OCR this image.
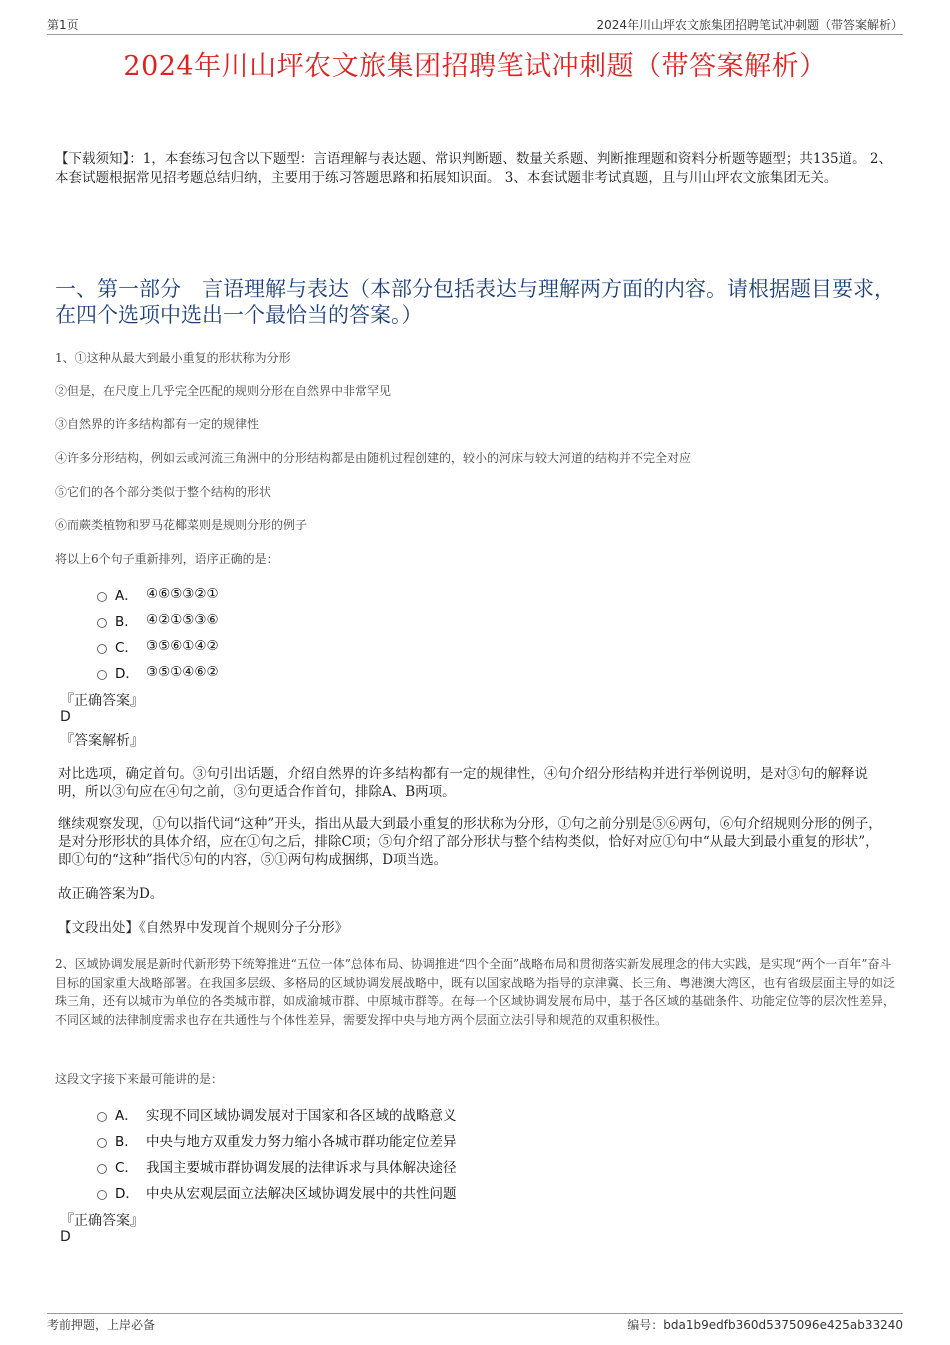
第1页	2024年川山坪农文旅集团招聘笔试冲刺题（带答案解析）
2024年川山坪农文旅集团招聘笔试冲刺题（带答案解析）
【下载须知】：1，本套练习包含以下题型：言语理解与表达题、常识判断题、数量关系题、判断推理题和资料分析题等题型；共135道。 2、本套试题根据常见招考题总结归纳，主要用于练习答题思路和拓展知识面。 3、本套试题非考试真题，且与川山坪农文旅集团无关。
一、第一部分　言语理解与表达（本部分包括表达与理解两方面的内容。请根据题目要求，在四个选项中选出一个最恰当的答案。）
1、①这种从最大到最小重复的形状称为分形
②但是，在尺度上几乎完全匹配的规则分形在自然界中非常罕见
③自然界的许多结构都有一定的规律性
④许多分形结构，例如云或河流三角洲中的分形结构都是由随机过程创建的，较小的河床与较大河道的结构并不完全对应
⑤它们的各个部分类似于整个结构的形状
⑥而蕨类植物和罗马花椰菜则是规则分形的例子
将以上6个句子重新排列，语序正确的是：
A． ④⑥⑤③②①
B． ④②①⑤③⑥
C． ③⑤⑥①④②
D． ③⑤①④⑥②
『正确答案』
D
『答案解析』
对比选项，确定首句。③句引出话题，介绍自然界的许多结构都有一定的规律性，④句介绍分形结构并进行举例说明，是对③句的解释说明，所以③句应在④句之前，③句更适合作首句，排除A、B两项。
继续观察发现，①句以指代词“这种”开头，指出从最大到最小重复的形状称为分形，①句之前分别是⑤⑥两句，⑥句介绍规则分形的例子，是对分形形状的具体介绍，应在①句之后，排除C项；⑤句介绍了部分形状与整个结构类似，恰好对应①句中“从最大到最小重复的形状”，即①句的“这种”指代⑤句的内容，⑤①两句构成捆绑，D项当选。
故正确答案为D。
【文段出处】《自然界中发现首个规则分子分形》
2、区域协调发展是新时代新形势下统筹推进“五位一体”总体布局、协调推进“四个全面”战略布局和贯彻落实新发展理念的伟大实践，是实现“两个一百年”奋斗目标的国家重大战略部署。在我国多层级、多格局的区域协调发展战略中，既有以国家战略为指导的京津冀、长三角、粤港澳大湾区，也有省级层面主导的如泛珠三角，还有以城市为单位的各类城市群，如成渝城市群、中原城市群等。在每一个区域协调发展布局中，基于各区域的基础条件、功能定位等的层次性差异，不同区域的法律制度需求也存在共通性与个体性差异，需要发挥中央与地方两个层面立法引导和规范的双重积极性。
这段文字接下来最可能讲的是：
A． 实现不同区域协调发展对于国家和各区域的战略意义
B． 中央与地方双重发力努力缩小各城市群功能定位差异
C． 我国主要城市群协调发展的法律诉求与具体解决途径
D． 中央从宏观层面立法解决区域协调发展中的共性问题
『正确答案』
D
考前押题，上岸必备	编号：bda1b9edfb360d5375096e425ab33240
